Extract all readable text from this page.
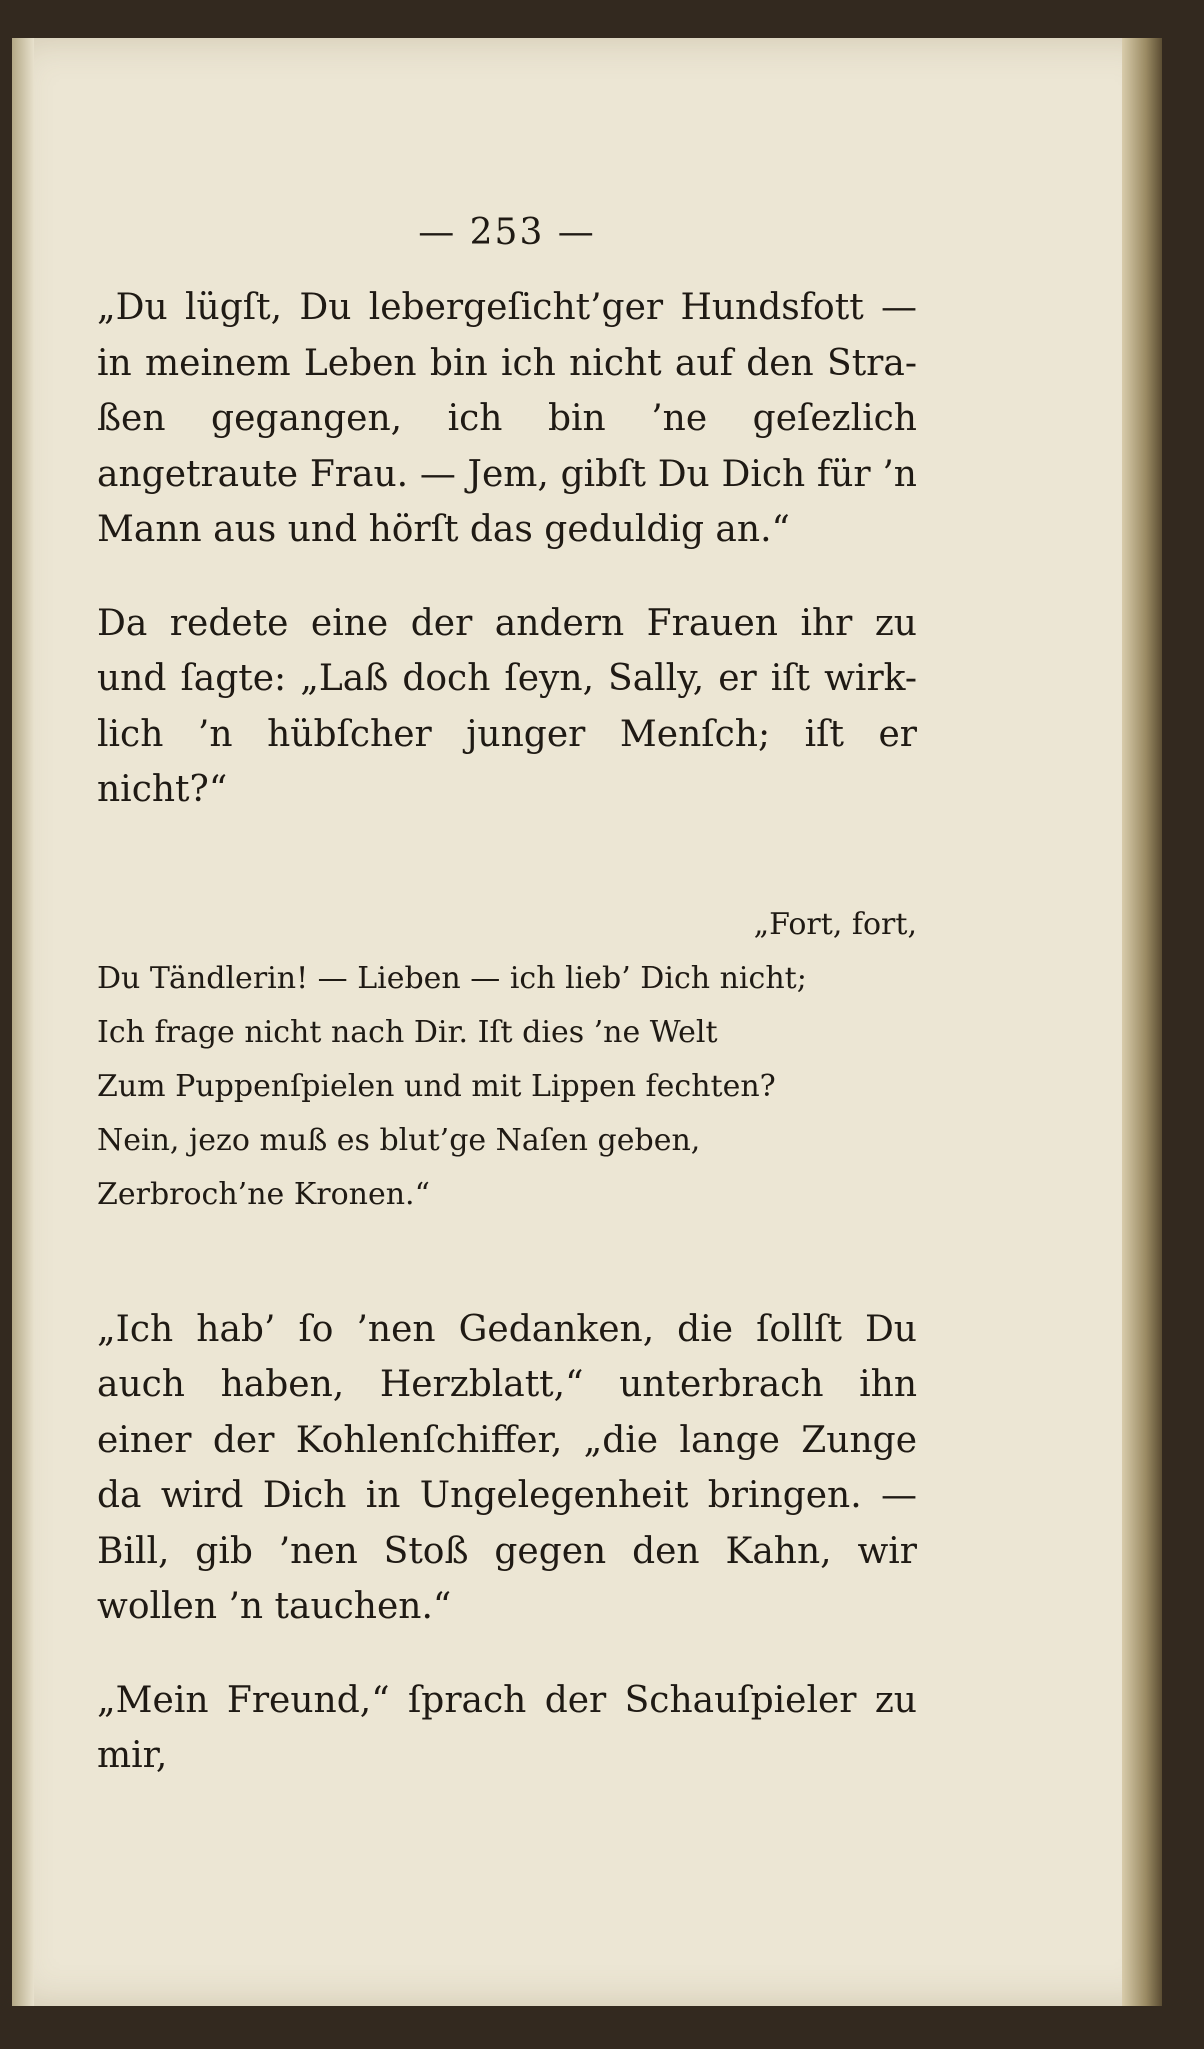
— 253 —

„Du lügſt, Du lebergeſicht’ger Hundsfott — in meinem Leben bin ich nicht auf den Stra- ßen gegangen, ich bin ’ne geſezlich angetraute Frau. — Jem, gibſt Du Dich für ’n Mann aus und hörſt das geduldig an.“

Da redete eine der andern Frauen ihr zu und ſagte: „Laß doch ſeyn, Sally, er iſt wirk- lich ’n hübſcher junger Menſch; iſt er nicht?“

„Fort, fort,

Du Tändlerin! — Lieben — ich lieb’ Dich nicht;

Ich frage nicht nach Dir. Iſt dies ’ne Welt

Zum Puppenſpielen und mit Lippen fechten?

Nein, jezo muß es blut’ge Naſen geben,

Zerbroch’ne Kronen.“

„Ich hab’ ſo ’nen Gedanken, die ſollſt Du auch haben, Herzblatt,“ unterbrach ihn einer der Kohlenſchiffer, „die lange Zunge da wird Dich in Ungelegenheit bringen. — Bill, gib ’nen Stoß gegen den Kahn, wir wollen ’n tauchen.“

„Mein Freund,“ ſprach der Schauſpieler zu mir,
